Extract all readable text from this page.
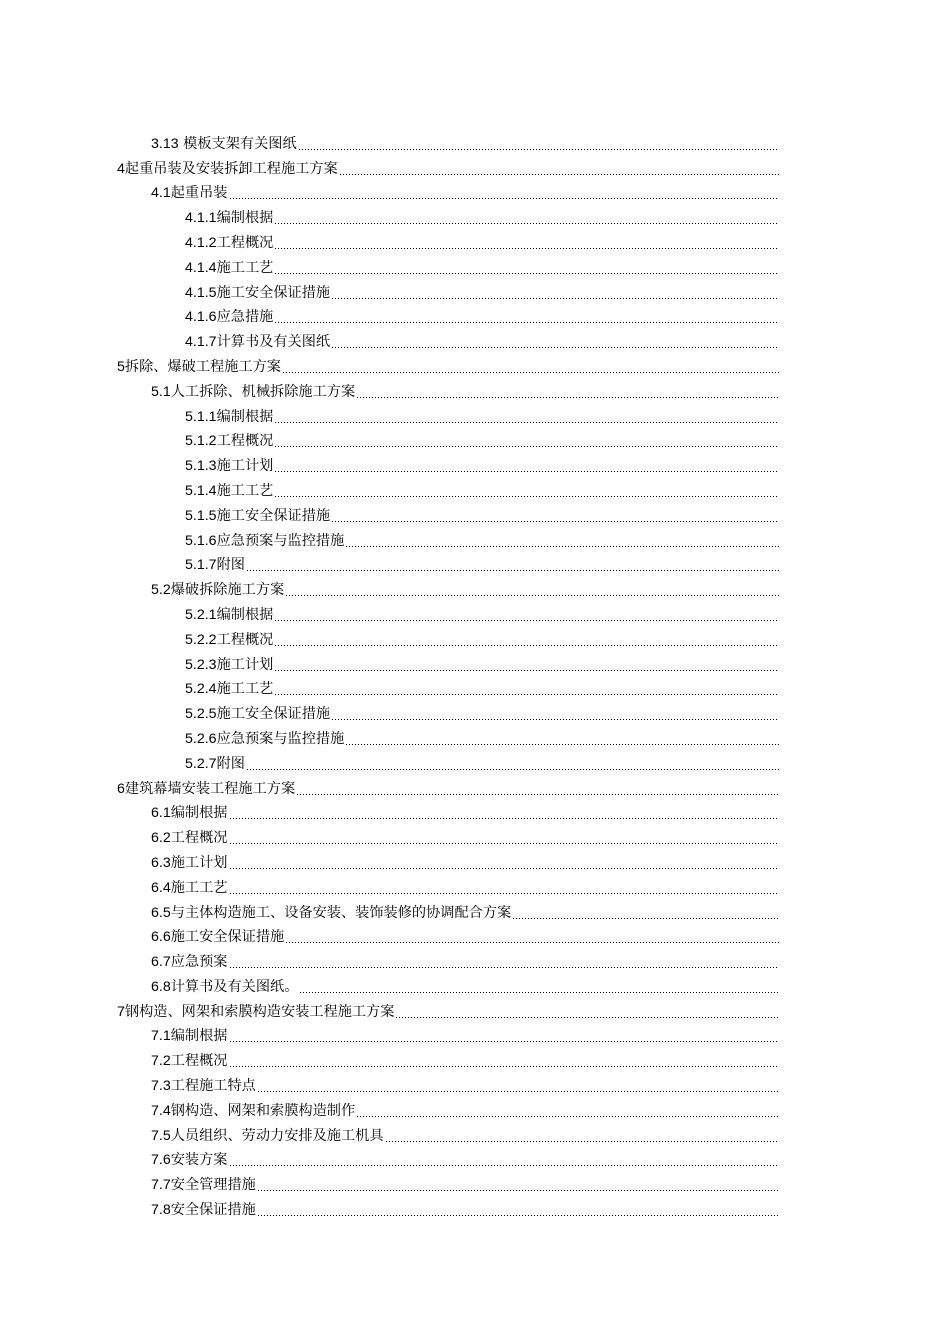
3.13 模板支架有关图纸
4起重吊装及安装拆卸工程施工方案
4.1起重吊装
4.1.1编制根据
4.1.2工程概况
4.1.4施工工艺
4.1.5施工安全保证措施
4.1.6应急措施
4.1.7计算书及有关图纸
5拆除、爆破工程施工方案
5.1人工拆除、机械拆除施工方案
5.1.1编制根据
5.1.2工程概况
5.1.3施工计划
5.1.4施工工艺
5.1.5施工安全保证措施
5.1.6应急预案与监控措施
5.1.7附图
5.2爆破拆除施工方案
5.2.1编制根据
5.2.2工程概况
5.2.3施工计划
5.2.4施工工艺
5.2.5施工安全保证措施
5.2.6应急预案与监控措施
5.2.7附图
6建筑幕墙安装工程施工方案
6.1编制根据
6.2工程概况
6.3施工计划
6.4施工工艺
6.5与主体构造施工、设备安装、装饰装修的协调配合方案
6.6施工安全保证措施
6.7应急预案
6.8计算书及有关图纸。
7钢构造、网架和索膜构造安装工程施工方案
7.1编制根据
7.2工程概况
7.3工程施工特点
7.4钢构造、网架和索膜构造制作
7.5人员组织、劳动力安排及施工机具
7.6安装方案
7.7安全管理措施
7.8安全保证措施
